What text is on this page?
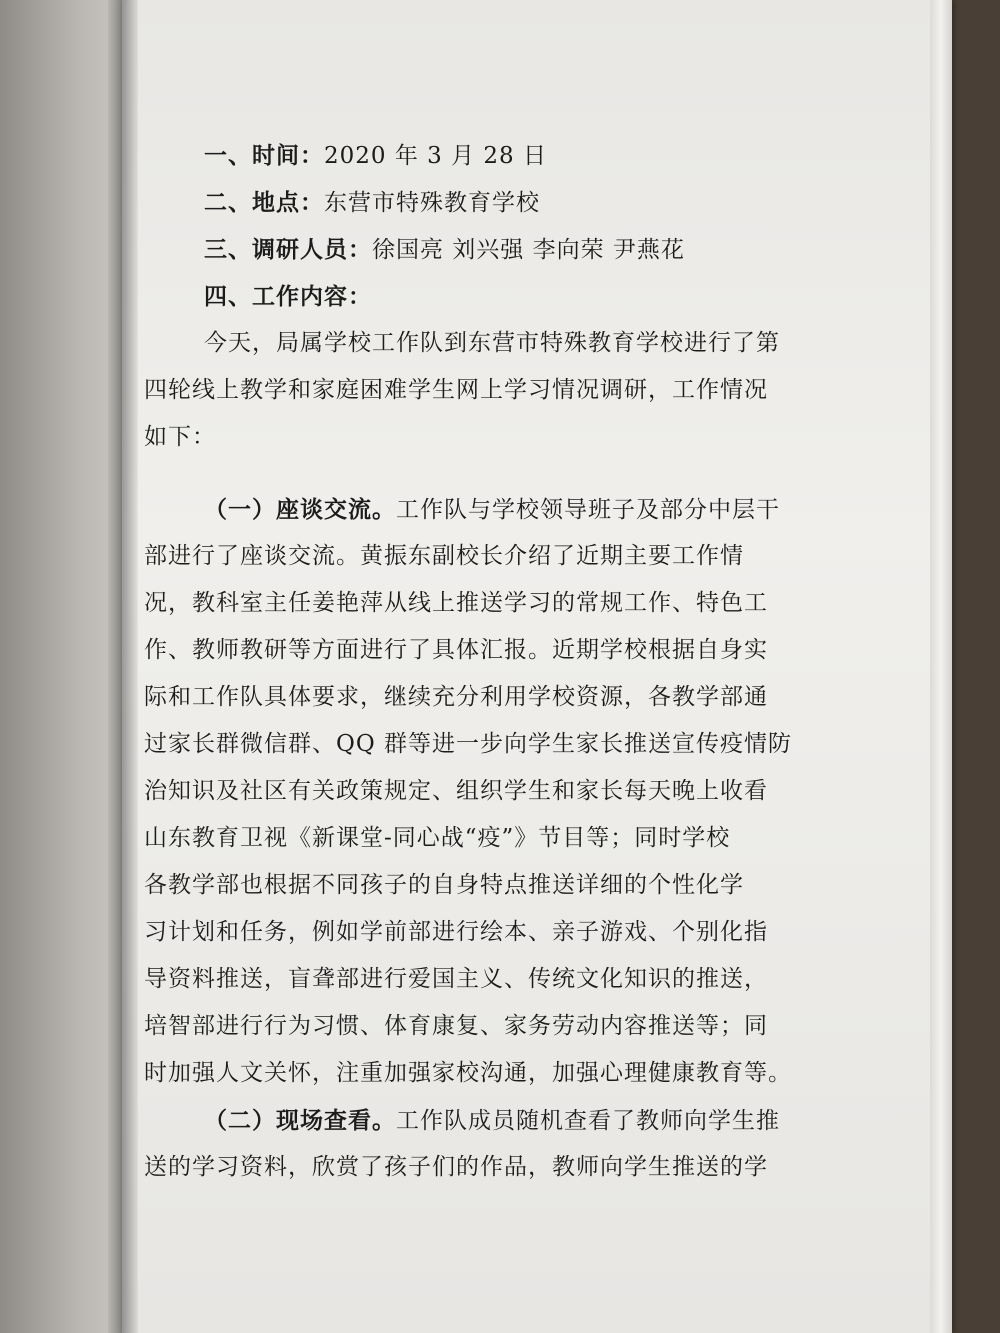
一、时间：2020 年 3 月 28 日

二、地点：东营市特殊教育学校

三、调研人员：徐国亮 刘兴强 李向荣 尹燕花

四、工作内容：

今天，局属学校工作队到东营市特殊教育学校进行了第

四轮线上教学和家庭困难学生网上学习情况调研，工作情况

如下：

（一）座谈交流。工作队与学校领导班子及部分中层干

部进行了座谈交流。黄振东副校长介绍了近期主要工作情

况，教科室主任姜艳萍从线上推送学习的常规工作、特色工

作、教师教研等方面进行了具体汇报。近期学校根据自身实

际和工作队具体要求，继续充分利用学校资源，各教学部通

过家长群微信群、QQ 群等进一步向学生家长推送宣传疫情防

治知识及社区有关政策规定、组织学生和家长每天晚上收看

山东教育卫视《新课堂-同心战“疫”》节目等；同时学校

各教学部也根据不同孩子的自身特点推送详细的个性化学

习计划和任务，例如学前部进行绘本、亲子游戏、个别化指

导资料推送，盲聋部进行爱国主义、传统文化知识的推送，

培智部进行行为习惯、体育康复、家务劳动内容推送等；同

时加强人文关怀，注重加强家校沟通，加强心理健康教育等。

（二）现场查看。工作队成员随机查看了教师向学生推

送的学习资料，欣赏了孩子们的作品，教师向学生推送的学
